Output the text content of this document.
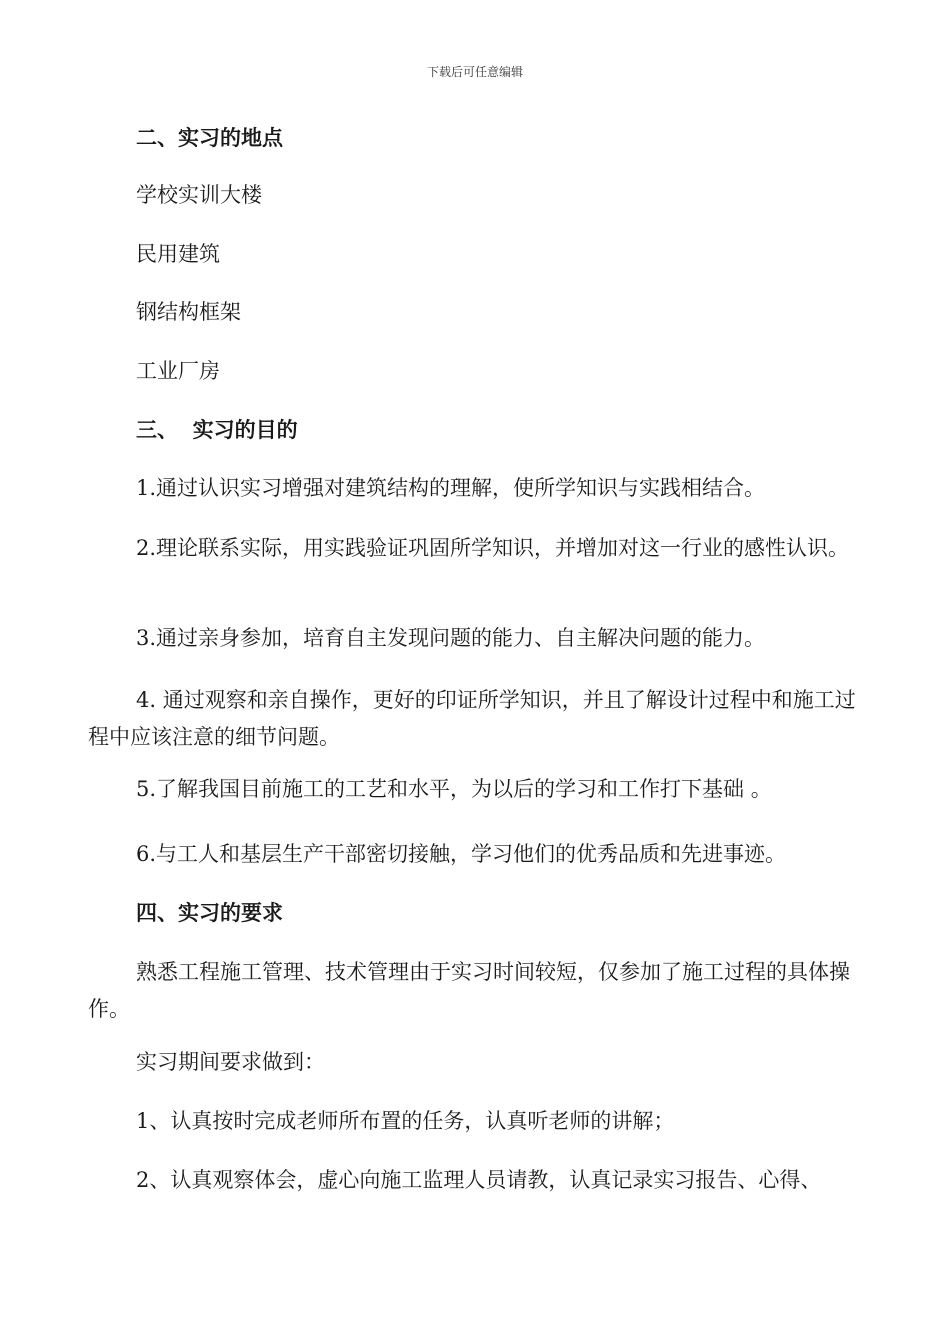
下载后可任意编辑
二、实习的地点
学校实训大楼
民用建筑
钢结构框架
工业厂房
三、  实习的目的
1.通过认识实习增强对建筑结构的理解，使所学知识与实践相结合。
2.理论联系实际，用实践验证巩固所学知识，并增加对这一行业的感性认识。
3.通过亲身参加，培育自主发现问题的能力、自主解决问题的能力。
4. 通过观察和亲自操作，更好的印证所学知识，并且了解设计过程中和施工过程中应该注意的细节问题。
5.了解我国目前施工的工艺和水平，为以后的学习和工作打下基础 。
6.与工人和基层生产干部密切接触，学习他们的优秀品质和先进事迹。
四、实习的要求
熟悉工程施工管理、技术管理由于实习时间较短，仅参加了施工过程的具体操作。
实习期间要求做到：
1、认真按时完成老师所布置的任务，认真听老师的讲解；
2、认真观察体会，虚心向施工监理人员请教，认真记录实习报告、心得、
